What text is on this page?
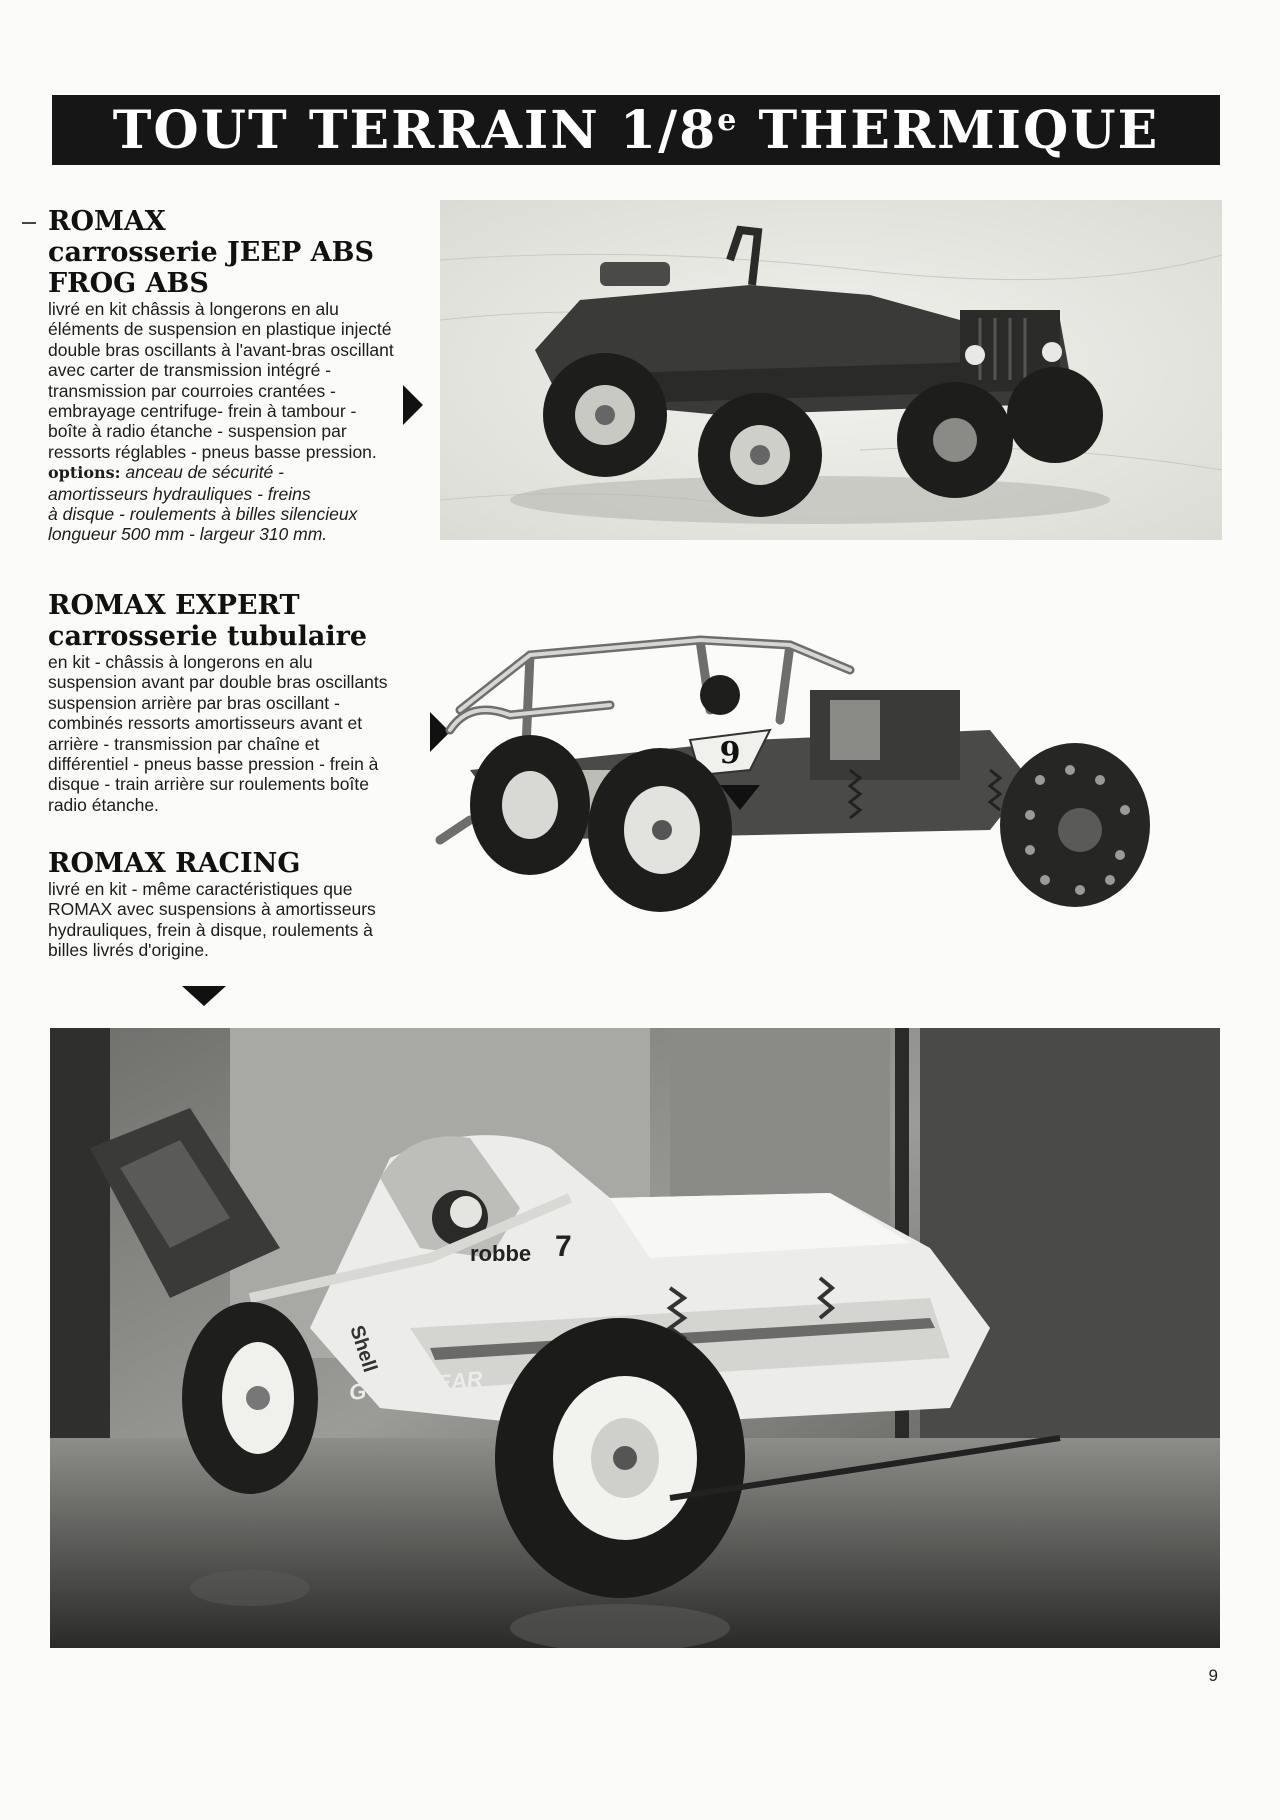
TOUT TERRAIN 1/8e THERMIQUE
ROMAX
carrosserie JEEP ABS
FROG ABS
livré en kit châssis à longerons en alu
éléments de suspension en plastique injecté
double bras oscillants à l'avant-bras oscillant
avec carter de transmission intégré -
transmission par courroies crantées -
embrayage centrifuge- frein à tambour -
boîte à radio étanche - suspension par
ressorts réglables - pneus basse pression.
options: anceau de sécurité -
amortisseurs hydrauliques - freins
à disque - roulements à billes silencieux
longueur 500 mm - largeur 310 mm.
ROMAX EXPERT
carrosserie tubulaire
en kit - châssis à longerons en alu
suspension avant par double bras oscillants
suspension arrière par bras oscillant -
combinés ressorts amortisseurs avant et
arrière - transmission par chaîne et
différentiel - pneus basse pression - frein à
disque - train arrière sur roulements boîte
radio étanche.
9
ROMAX RACING
livré en kit - même caractéristiques que
ROMAX avec suspensions à amortisseurs
hydrauliques, frein à disque, roulements à
billes livrés d'origine.
robbe 7
Shell
GOOD YEAR
9
